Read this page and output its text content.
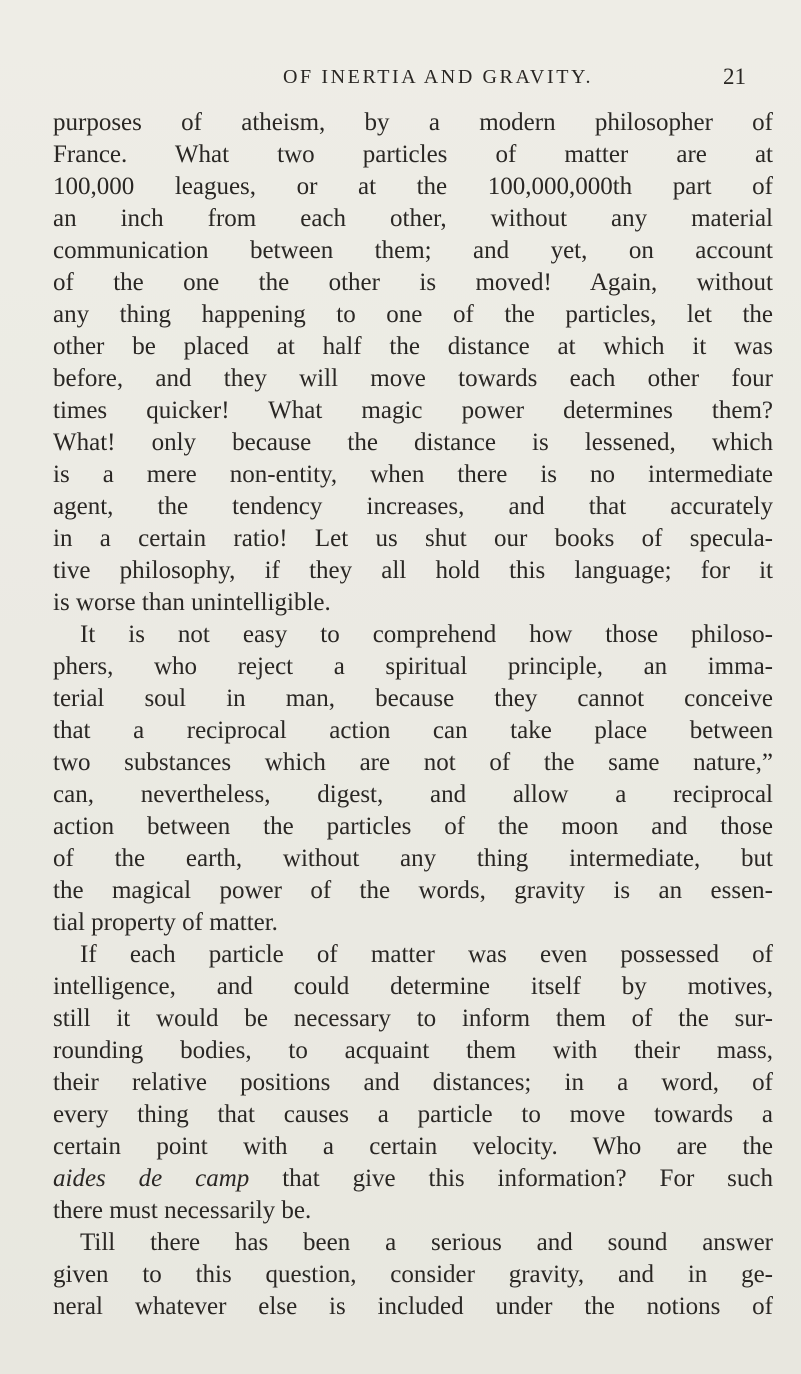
OF INERTIA AND GRAVITY.	21
purposes of atheism, by a modern philosopher of
France. What two particles of matter are at
100,000 leagues, or at the 100,000,000th part of
an inch from each other, without any material
communication between them; and yet, on account
of the one the other is moved! Again, without
any thing happening to one of the particles, let the
other be placed at half the distance at which it was
before, and they will move towards each other four
times quicker! What magic power determines them?
What! only because the distance is lessened, which
is a mere non-entity, when there is no intermediate
agent, the tendency increases, and that accurately
in a certain ratio! Let us shut our books of specula-
tive philosophy, if they all hold this language; for it
is worse than unintelligible.
It is not easy to comprehend how those philoso-
phers, who reject a spiritual principle, an imma-
terial soul in man, because they cannot conceive
that a reciprocal action can take place between
two substances which are not of the same nature,”
can, nevertheless, digest, and allow a reciprocal
action between the particles of the moon and those
of the earth, without any thing intermediate, but
the magical power of the words, gravity is an essen-
tial property of matter.
If each particle of matter was even possessed of
intelligence, and could determine itself by motives,
still it would be necessary to inform them of the sur-
rounding bodies, to acquaint them with their mass,
their relative positions and distances; in a word, of
every thing that causes a particle to move towards a
certain point with a certain velocity. Who are the
aides de camp that give this information? For such
there must necessarily be.
Till there has been a serious and sound answer
given to this question, consider gravity, and in ge-
neral whatever else is included under the notions of
